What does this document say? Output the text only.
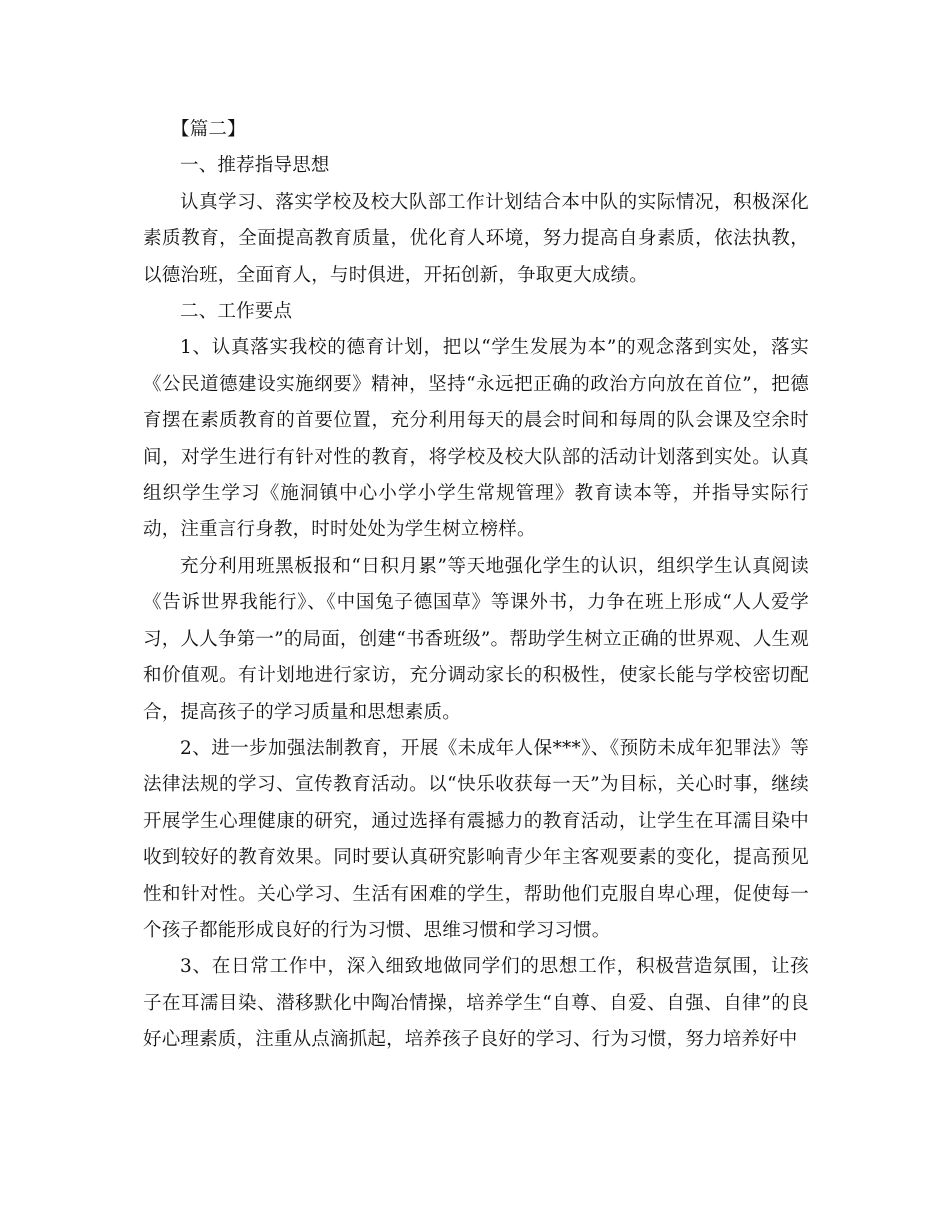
【篇二】

一、推荐指导思想

认真学习、落实学校及校大队部工作计划结合本中队的实际情况，积极深化素质教育，全面提高教育质量，优化育人环境，努力提高自身素质，依法执教，以德治班，全面育人，与时俱进，开拓创新，争取更大成绩。

二、工作要点

1、认真落实我校的德育计划，把以“学生发展为本”的观念落到实处，落实《公民道德建设实施纲要》精神，坚持“永远把正确的政治方向放在首位”，把德育摆在素质教育的首要位置，充分利用每天的晨会时间和每周的队会课及空余时间，对学生进行有针对性的教育，将学校及校大队部的活动计划落到实处。认真组织学生学习《施洞镇中心小学小学生常规管理》教育读本等，并指导实际行动，注重言行身教，时时处处为学生树立榜样。

充分利用班黑板报和“日积月累”等天地强化学生的认识，组织学生认真阅读《告诉世界我能行》、《中国兔子德国草》等课外书，力争在班上形成“人人爱学习，人人争第一”的局面，创建“书香班级”。帮助学生树立正确的世界观、人生观和价值观。有计划地进行家访，充分调动家长的积极性，使家长能与学校密切配合，提高孩子的学习质量和思想素质。

2、进一步加强法制教育，开展《未成年人保***》、《预防未成年犯罪法》等法律法规的学习、宣传教育活动。以“快乐收获每一天”为目标，关心时事，继续开展学生心理健康的研究，通过选择有震撼力的教育活动，让学生在耳濡目染中收到较好的教育效果。同时要认真研究影响青少年主客观要素的变化，提高预见性和针对性。关心学习、生活有困难的学生，帮助他们克服自卑心理，促使每一个孩子都能形成良好的行为习惯、思维习惯和学习习惯。

3、在日常工作中，深入细致地做同学们的思想工作，积极营造氛围，让孩子在耳濡目染、潜移默化中陶冶情操，培养学生“自尊、自爱、自强、自律”的良好心理素质，注重从点滴抓起，培养孩子良好的学习、行为习惯，努力培养好中
